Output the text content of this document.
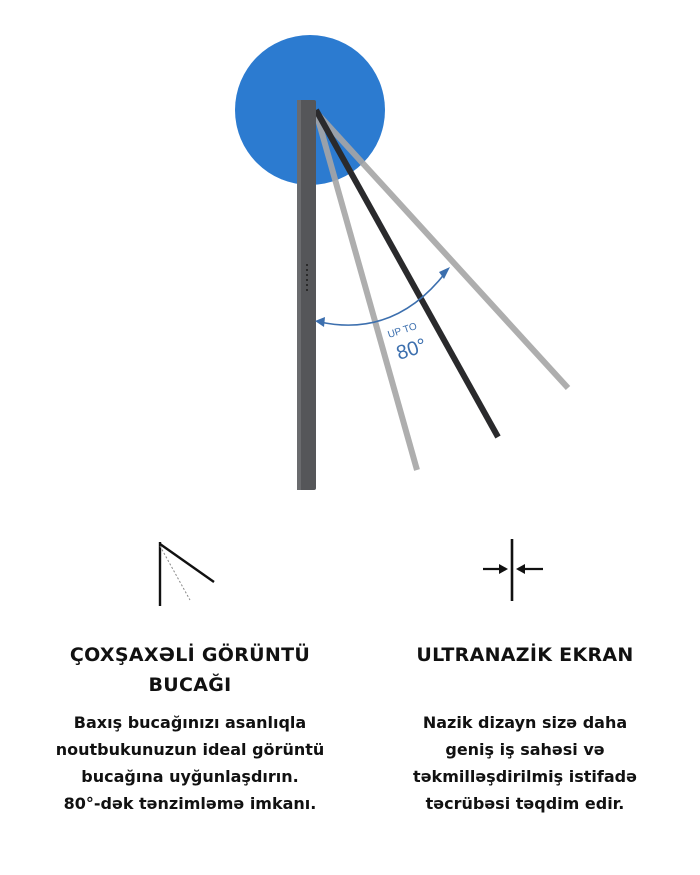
UP TO
80°
ÇOXŞAXƏLİ GÖRÜNTÜ
BUCAĞI

Baxış bucağınızı asanlıqla
noutbukunuzun ideal görüntü
bucağına uyğunlaşdırın.
80°-dək tənzimləmə imkanı.

ULTRANAZİK EKRAN

Nazik dizayn sizə daha
geniş iş sahəsi və
təkmilləşdirilmiş istifadə
təcrübəsi təqdim edir.
